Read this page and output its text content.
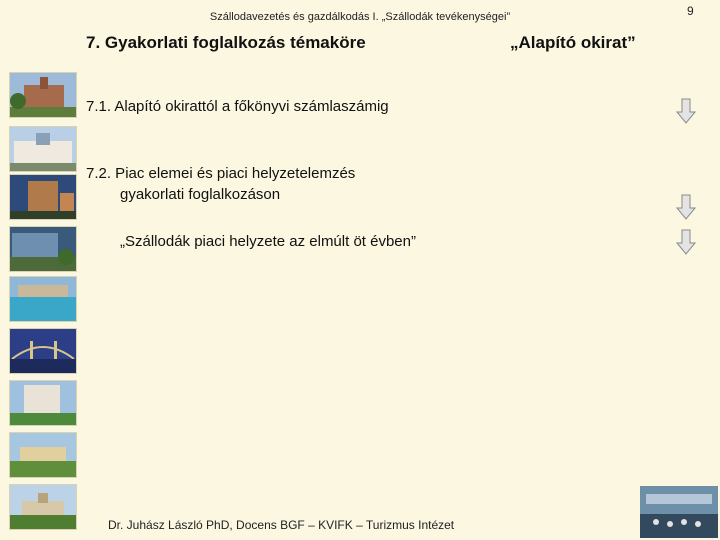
Szállodavezetés és gazdálkodás I. „Szállodák tevékenységei”	9
7. Gyakorlati foglalkozás témaköre	„Alapító okirat”
7.1. Alapító okirattól a főkönyvi számlaszámig
7.2. Piac elemei és piaci helyzetelemzés
gyakorlati foglalkozáson
„Szállodák piaci helyzete az elmúlt öt évben”
Dr. Juhász László PhD, Docens BGF – KVIFK – Turizmus Intézet
